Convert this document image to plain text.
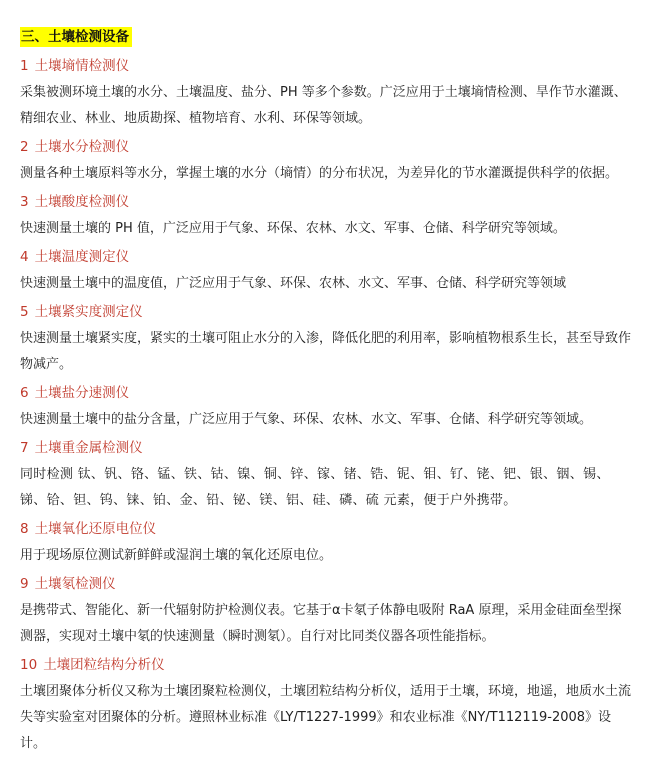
三、土壤检测设备
1 土壤墒情检测仪

采集被测环境土壤的水分、土壤温度、盐分、PH 等多个参数。广泛应用于土壤墒情检测、旱作节水灌溉、精细农业、林业、地质勘探、植物培育、水利、环保等领域。

2 土壤水分检测仪

测量各种土壤原料等水分，掌握土壤的水分（墒情）的分布状况，为差异化的节水灌溉提供科学的依据。

3 土壤酸度检测仪

快速测量土壤的 PH 值，广泛应用于气象、环保、农林、水文、军事、仓储、科学研究等领域。

4 土壤温度测定仪

快速测量土壤中的温度值，广泛应用于气象、环保、农林、水文、军事、仓储、科学研究等领域

5 土壤紧实度测定仪

快速测量土壤紧实度，紧实的土壤可阻止水分的入渗，降低化肥的利用率，影响植物根系生长，甚至导致作物减产。

6 土壤盐分速测仪

快速测量土壤中的盐分含量，广泛应用于气象、环保、农林、水文、军事、仓储、科学研究等领域。

7 土壤重金属检测仪

同时检测 钛、钒、铬、锰、铁、钴、镍、铜、锌、镓、锗、锆、铌、钼、钌、铑、钯、银、铟、锡、锑、铪、钽、钨、铼、铂、金、铅、铋、镁、铝、硅、磷、硫 元素，便于户外携带。

8 土壤氧化还原电位仪

用于现场原位测试新鲜鲜或湿润土壤的氧化还原电位。

9 土壤氡检测仪

是携带式、智能化、新一代辐射防护检测仪表。它基于α卡氡子体静电吸附 RaA 原理，采用金硅面垒型探测器，实现对土壤中氡的快速测量（瞬时测氡）。自行对比同类仪器各项性能指标。

10 土壤团粒结构分析仪

土壤团聚体分析仪又称为土壤团聚粒检测仪，土壤团粒结构分析仪，适用于土壤，环境，地遥，地质水土流失等实验室对团聚体的分析。遵照林业标准《LY/T1227-1999》和农业标准《NY/T112119-2008》设计。
